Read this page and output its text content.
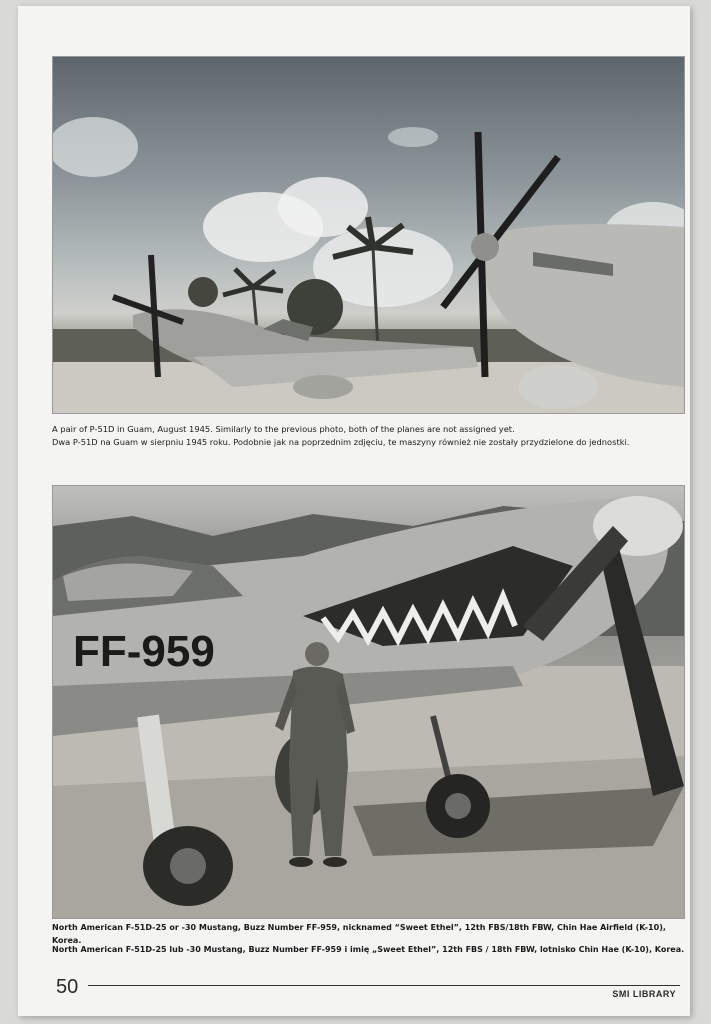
A pair of P-51D in Guam, August 1945. Similarly to the previous photo, both of the planes are not assigned yet.

Dwa P-51D na Guam w sierpniu 1945 roku. Podobnie jak na poprzednim zdjęciu, te maszyny również nie zostały przydzielone do jednostki.

FF-959

North American F-51D-25 or -30 Mustang, Buzz Number FF-959, nicknamed “Sweet Ethel”, 12th FBS/18th FBW, Chin Hae Airfield (K-10), Korea.

North American F-51D-25 lub -30 Mustang, Buzz Number FF-959 i imię „Sweet Ethel”, 12th FBS / 18th FBW, lotnisko Chin Hae (K-10), Korea.

50	SMI LIBRARY
